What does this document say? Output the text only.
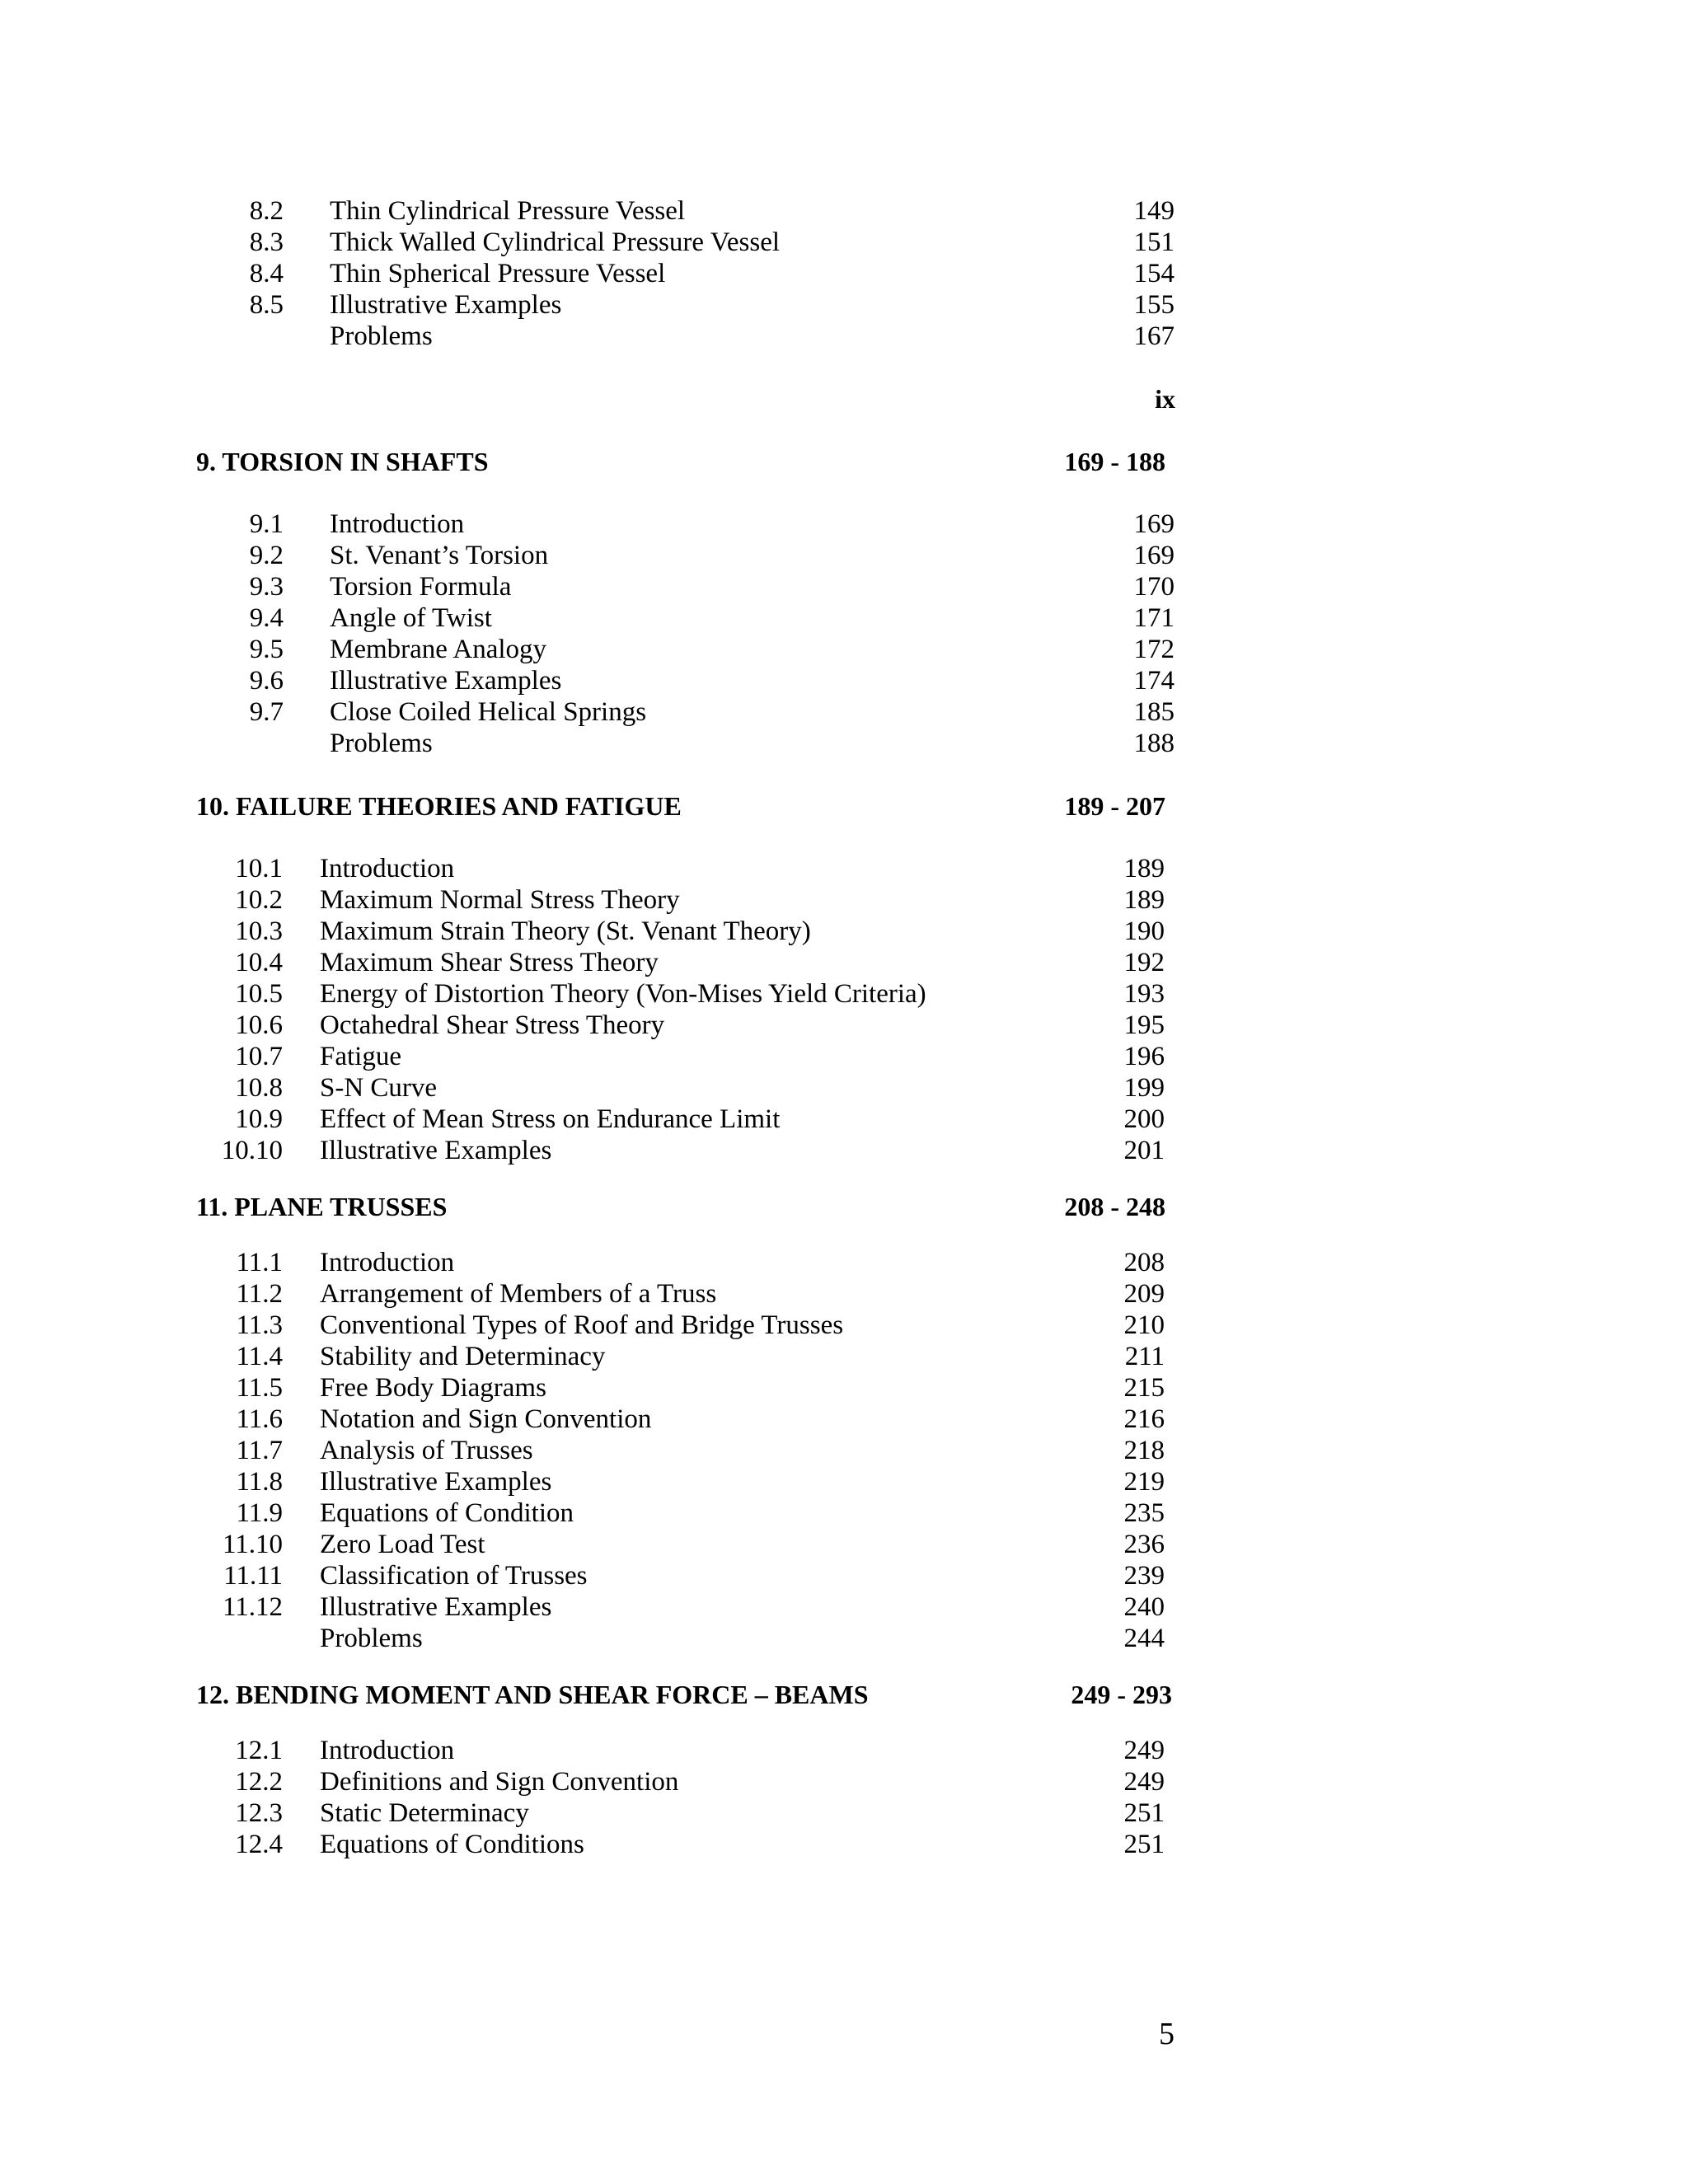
8.2 Thin Cylindrical Pressure Vessel	149
8.3 Thick Walled Cylindrical Pressure Vessel	151
8.4 Thin Spherical Pressure Vessel	154
8.5 Illustrative Examples	155
Problems	167
ix
9. TORSION IN SHAFTS	169 - 188
9.1 Introduction	169
9.2 St. Venant’s Torsion	169
9.3 Torsion Formula	170
9.4 Angle of Twist	171
9.5 Membrane Analogy	172
9.6 Illustrative Examples	174
9.7 Close Coiled Helical Springs	185
Problems	188
10. FAILURE THEORIES AND FATIGUE	189 - 207
10.1 Introduction	189
10.2 Maximum Normal Stress Theory	189
10.3 Maximum Strain Theory (St. Venant Theory)	190
10.4 Maximum Shear Stress Theory	192
10.5 Energy of Distortion Theory (Von-Mises Yield Criteria)	193
10.6 Octahedral Shear Stress Theory	195
10.7 Fatigue	196
10.8 S-N Curve	199
10.9 Effect of Mean Stress on Endurance Limit	200
10.10 Illustrative Examples	201
11. PLANE TRUSSES	208 - 248
11.1 Introduction	208
11.2 Arrangement of Members of a Truss	209
11.3 Conventional Types of Roof and Bridge Trusses	210
11.4 Stability and Determinacy	211
11.5 Free Body Diagrams	215
11.6 Notation and Sign Convention	216
11.7 Analysis of Trusses	218
11.8 Illustrative Examples	219
11.9 Equations of Condition	235
11.10 Zero Load Test	236
11.11 Classification of Trusses	239
11.12 Illustrative Examples	240
Problems	244
12. BENDING MOMENT AND SHEAR FORCE – BEAMS	249 - 293
12.1 Introduction	249
12.2 Definitions and Sign Convention	249
12.3 Static Determinacy	251
12.4 Equations of Conditions	251
5
